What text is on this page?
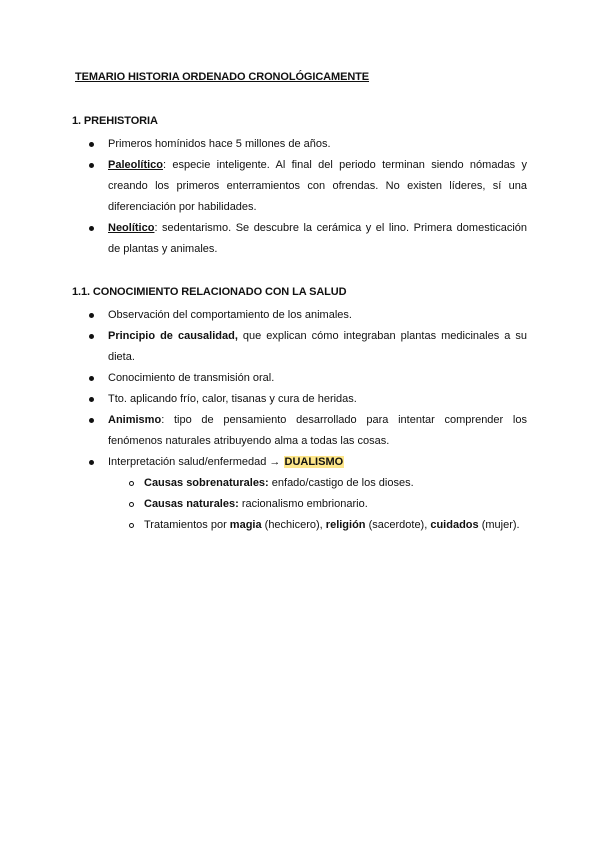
TEMARIO HISTORIA ORDENADO CRONOLÓGICAMENTE
1. PREHISTORIA
Primeros homínidos hace 5 millones de años.
Paleolítico: especie inteligente. Al final del periodo terminan siendo nómadas y creando los primeros enterramientos con ofrendas. No existen líderes, sí una diferenciación por habilidades.
Neolítico: sedentarismo. Se descubre la cerámica y el lino. Primera domesticación de plantas y animales.
1.1. CONOCIMIENTO RELACIONADO CON LA SALUD
Observación del comportamiento de los animales.
Principio de causalidad, que explican cómo integraban plantas medicinales a su dieta.
Conocimiento de transmisión oral.
Tto. aplicando frío, calor, tisanas y cura de heridas.
Animismo: tipo de pensamiento desarrollado para intentar comprender los fenómenos naturales atribuyendo alma a todas las cosas.
Interpretación salud/enfermedad → DUALISMO
Causas sobrenaturales: enfado/castigo de los dioses.
Causas naturales: racionalismo embrionario.
Tratamientos por magia (hechicero), religión (sacerdote), cuidados (mujer).
